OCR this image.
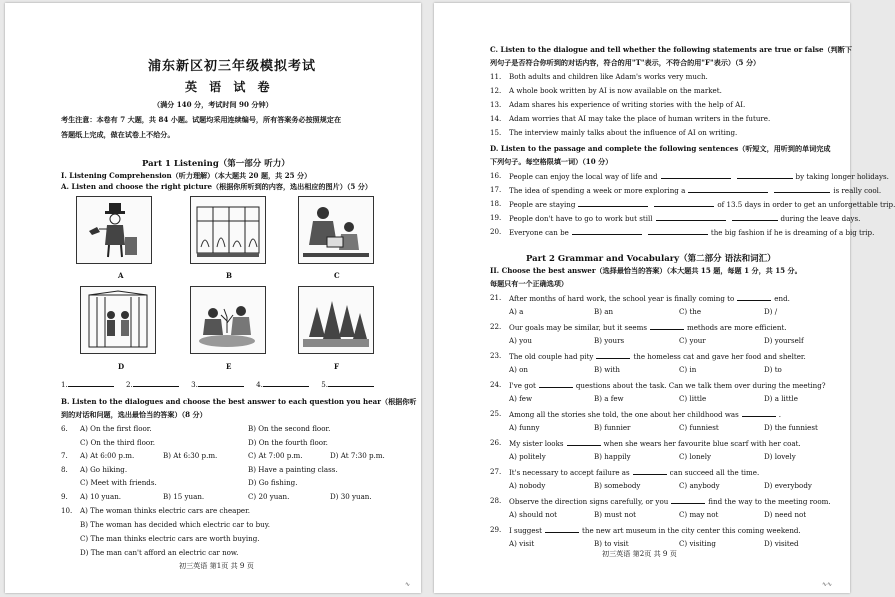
浦东新区初三年级模拟考试
英 语 试 卷
（满分 140 分，考试时间 90 分钟）
考生注意：本卷有 7 大题，共 84 小题。试题均采用连续编号，所有答案务必按照规定在
答题纸上完成，做在试卷上不给分。
Part 1 Listening（第一部分 听力）
I. Listening Comprehension（听力理解）（本大题共 20 题，共 25 分）
A. Listen and choose the right picture（根据你所听到的内容，选出相应的图片）（5 分）
A	B	C
D	E	F
1.	2.	3.	4.	5.
B. Listen to the dialogues and choose the best answer to each question you hear（根据你听
到的对话和问题，选出最恰当的答案）（8 分）
6. A) On the first floor.	B) On the second floor.
C) On the third floor.	D) On the fourth floor.
7. A) At 6:00 p.m.	B) At 6:30 p.m.	C) At 7:00 p.m.	D) At 7:30 p.m.
8. A) Go hiking.	B) Have a painting class.
C) Meet with friends.	D) Go fishing.
9. A) 10 yuan.	B) 15 yuan.	C) 20 yuan.	D) 30 yuan.
10. A) The woman thinks electric cars are cheaper.
B) The woman has decided which electric car to buy.
C) The man thinks electric cars are worth buying.
D) The man can't afford an electric car now.
初三英语 第1页 共 9 页
∿
C. Listen to the dialogue and tell whether the following statements are true or false（判断下
列句子是否符合你听到的对话内容，符合的用"T"表示，不符合的用"F"表示）（5 分）
D. Listen to the passage and complete the following sentences（听短文，用听到的单词完成
下列句子。每空格限填一词）（10 分）
Part 2 Grammar and Vocabulary（第二部分 语法和词汇）
II. Choose the best answer（选择最恰当的答案）（本大题共 15 题，每题 1 分，共 15 分。
每题只有一个正确选项）
初三英语 第2页 共 9 页
∿∿
11. Both adults and children like Adam's works very much.
12. A whole book written by AI is now available on the market.
13. Adam shares his experience of writing stories with the help of AI.
14. Adam worries that AI may take the place of human writers in the future.
15. The interview mainly talks about the influence of AI on writing.
16. People can enjoy the local way of life and	by taking longer holidays.
17. The idea of spending a week or more exploring a	is really cool.
18. People are staying	of 13.5 days in order to get an unforgettable trip.
19. People don't have to go to work but still	during the leave days.
20. Everyone can be	the big fashion if he is dreaming of a big trip.
21. After months of hard work, the school year is finally coming to	end.
A) a	B) an	C) the	D) /
22. Our goals may be similar, but it seems	methods are more efficient.
A) you	B) yours	C) your	D) yourself
23. The old couple had pity	the homeless cat and gave her food and shelter.
A) on	B) with	C) in	D) to
24. I've got	questions about the task. Can we talk them over during the meeting?
A) few	B) a few	C) little	D) a little
25. Among all the stories she told, the one about her childhood was	.
A) funny	B) funnier	C) funniest	D) the funniest
26. My sister looks	when she wears her favourite blue scarf with her coat.
A) politely	B) happily	C) lonely	D) lovely
27. It's necessary to accept failure as	can succeed all the time.
A) nobody	B) somebody	C) anybody	D) everybody
28. Observe the direction signs carefully, or you	find the way to the meeting room.
A) should not	B) must not	C) may not	D) need not
29. I suggest	the new art museum in the city center this coming weekend.
A) visit	B) to visit	C) visiting	D) visited
